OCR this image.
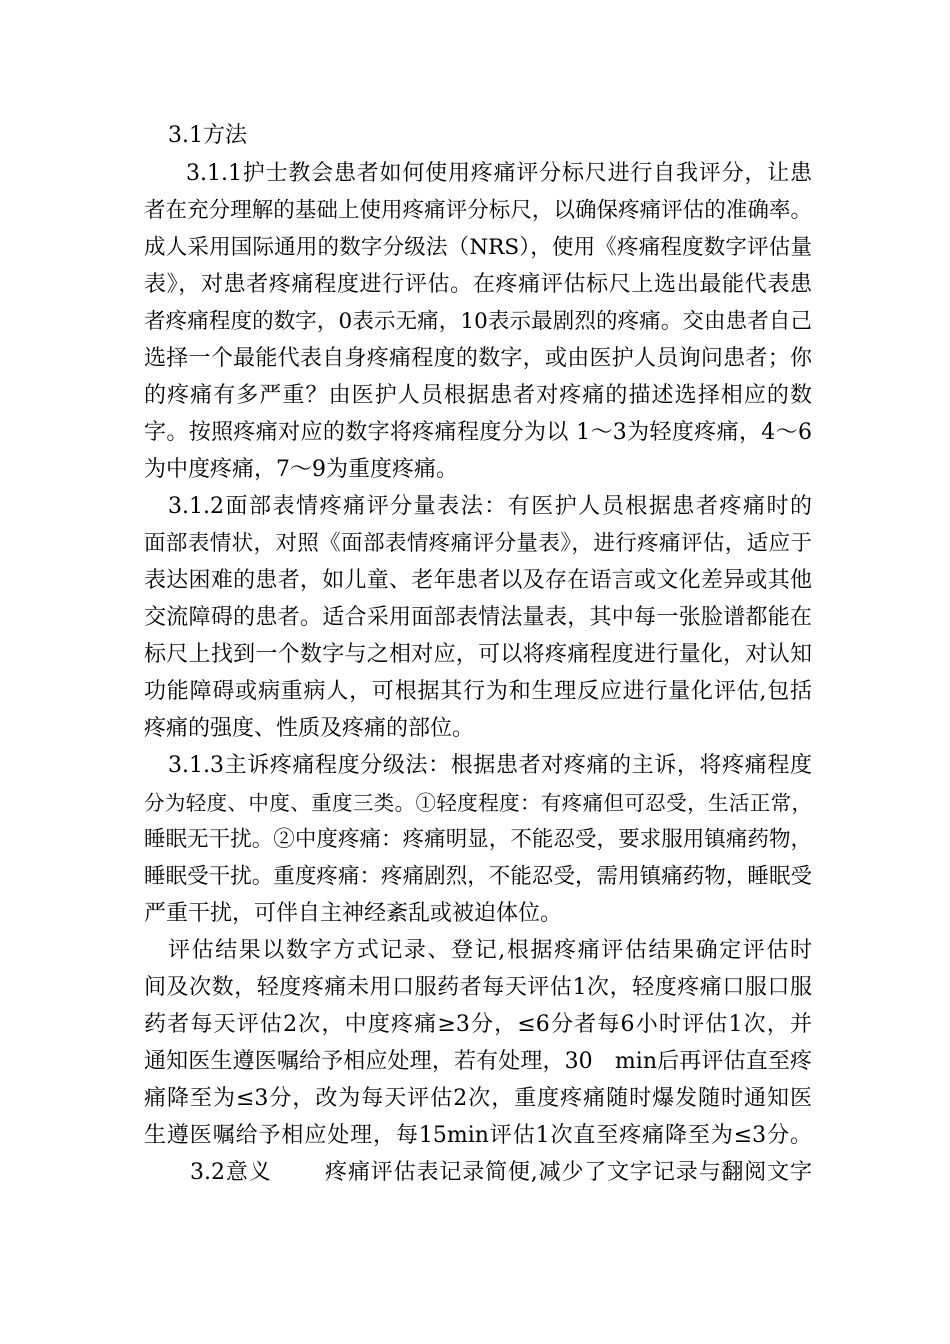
3.1方法
3.1.1护士教会患者如何使用疼痛评分标尺进行自我评分，让患
者在充分理解的基础上使用疼痛评分标尺，以确保疼痛评估的准确率。
成人采用国际通用的数字分级法（NRS），使用《疼痛程度数字评估量
表》，对患者疼痛程度进行评估。在疼痛评估标尺上选出最能代表患
者疼痛程度的数字，0表示无痛，10表示最剧烈的疼痛。交由患者自己
选择一个最能代表自身疼痛程度的数字，或由医护人员询问患者；你
的疼痛有多严重？由医护人员根据患者对疼痛的描述选择相应的数
字。按照疼痛对应的数字将疼痛程度分为以 1～3为轻度疼痛，4～6
为中度疼痛，7～9为重度疼痛。
3.1.2面部表情疼痛评分量表法：有医护人员根据患者疼痛时的
面部表情状，对照《面部表情疼痛评分量表》，进行疼痛评估，适应于
表达困难的患者，如儿童、老年患者以及存在语言或文化差异或其他
交流障碍的患者。适合采用面部表情法量表，其中每一张脸谱都能在
标尺上找到一个数字与之相对应，可以将疼痛程度进行量化，对认知
功能障碍或病重病人，可根据其行为和生理反应进行量化评估,包括
疼痛的强度、性质及疼痛的部位。
3.1.3主诉疼痛程度分级法：根据患者对疼痛的主诉，将疼痛程度
分为轻度、中度、重度三类。①轻度程度：有疼痛但可忍受，生活正常，
睡眠无干扰。②中度疼痛：疼痛明显，不能忍受，要求服用镇痛药物，
睡眠受干扰。重度疼痛：疼痛剧烈，不能忍受，需用镇痛药物，睡眠受
严重干扰，可伴自主神经紊乱或被迫体位。
评估结果以数字方式记录、登记,根据疼痛评估结果确定评估时
间及次数，轻度疼痛未用口服药者每天评估1次，轻度疼痛口服口服
药者每天评估2次，中度疼痛≥3分，≤6分者每6小时评估1次，并
通知医生遵医嘱给予相应处理，若有处理，30　min后再评估直至疼
痛降至为≤3分，改为每天评估2次，重度疼痛随时爆发随时通知医
生遵医嘱给予相应处理，每15min评估1次直至疼痛降至为≤3分。
3.2意义　　 疼痛评估表记录简便,减少了文字记录与翻阅文字
